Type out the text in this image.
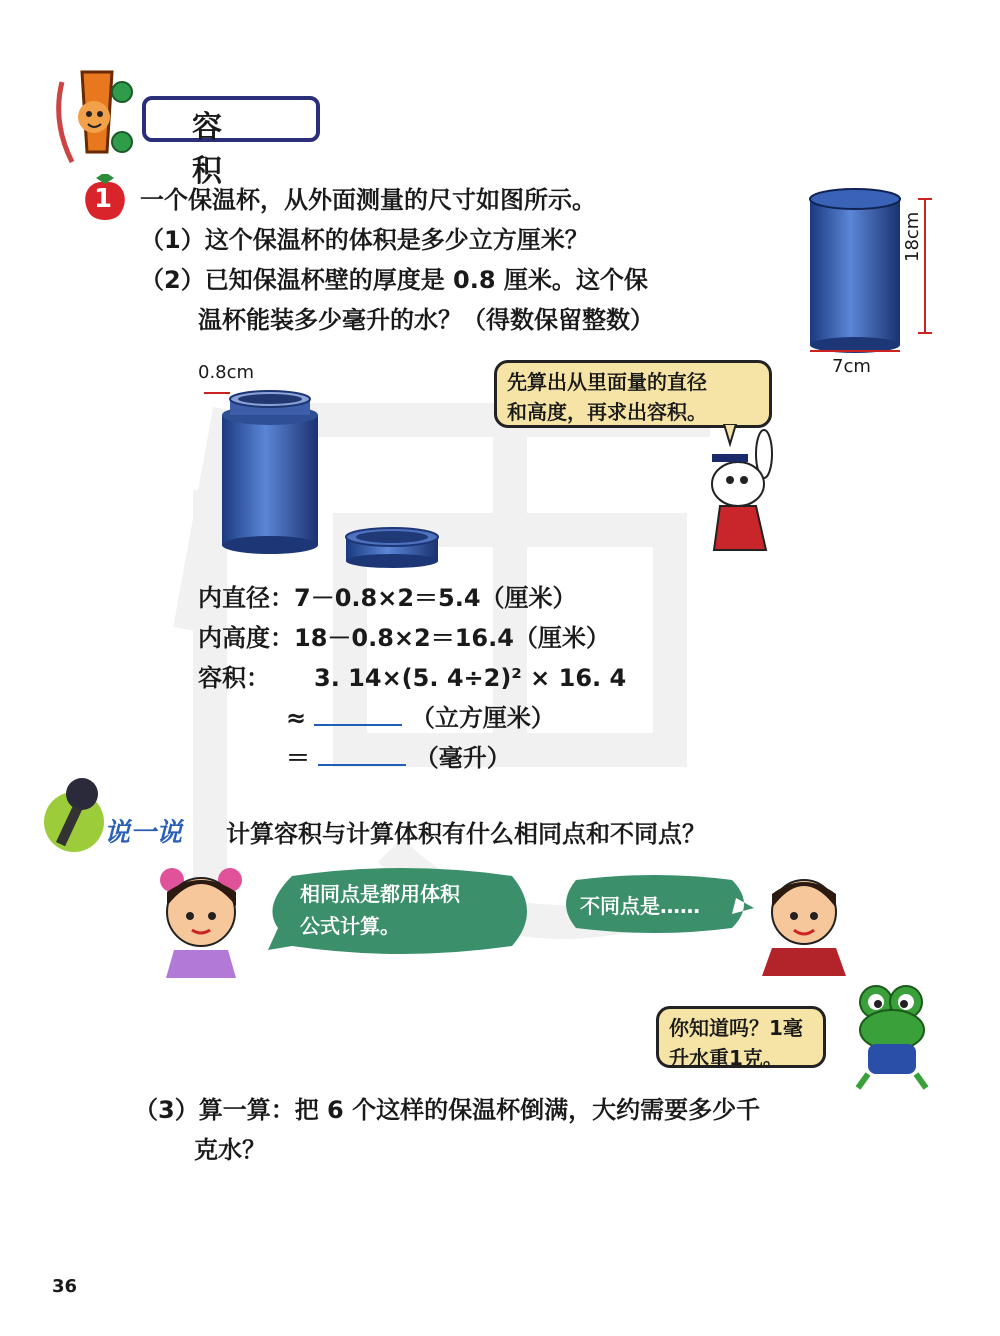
容 积
1 一个保温杯，从外面测量的尺寸如图所示。
（1）这个保温杯的体积是多少立方厘米？
（2）已知保温杯壁的厚度是 0.8 厘米。这个保
温杯能装多少毫升的水？（得数保留整数）
18cm
7cm
0.8cm	先算出从里面量的直径
和高度，再求出容积。
内直径：7－0.8×2＝5.4（厘米）
内高度：18－0.8×2＝16.4（厘米）
容积： 3. 14×(5. 4÷2)² × 16. 4
≈	（立方厘米）
＝	（毫升）
说一说 计算容积与计算体积有什么相同点和不同点？
相同点是都用体积
公式计算。
不同点是……
你知道吗？1毫
升水重1克。
（3）算一算：把 6 个这样的保温杯倒满，大约需要多少千
克水？
36
